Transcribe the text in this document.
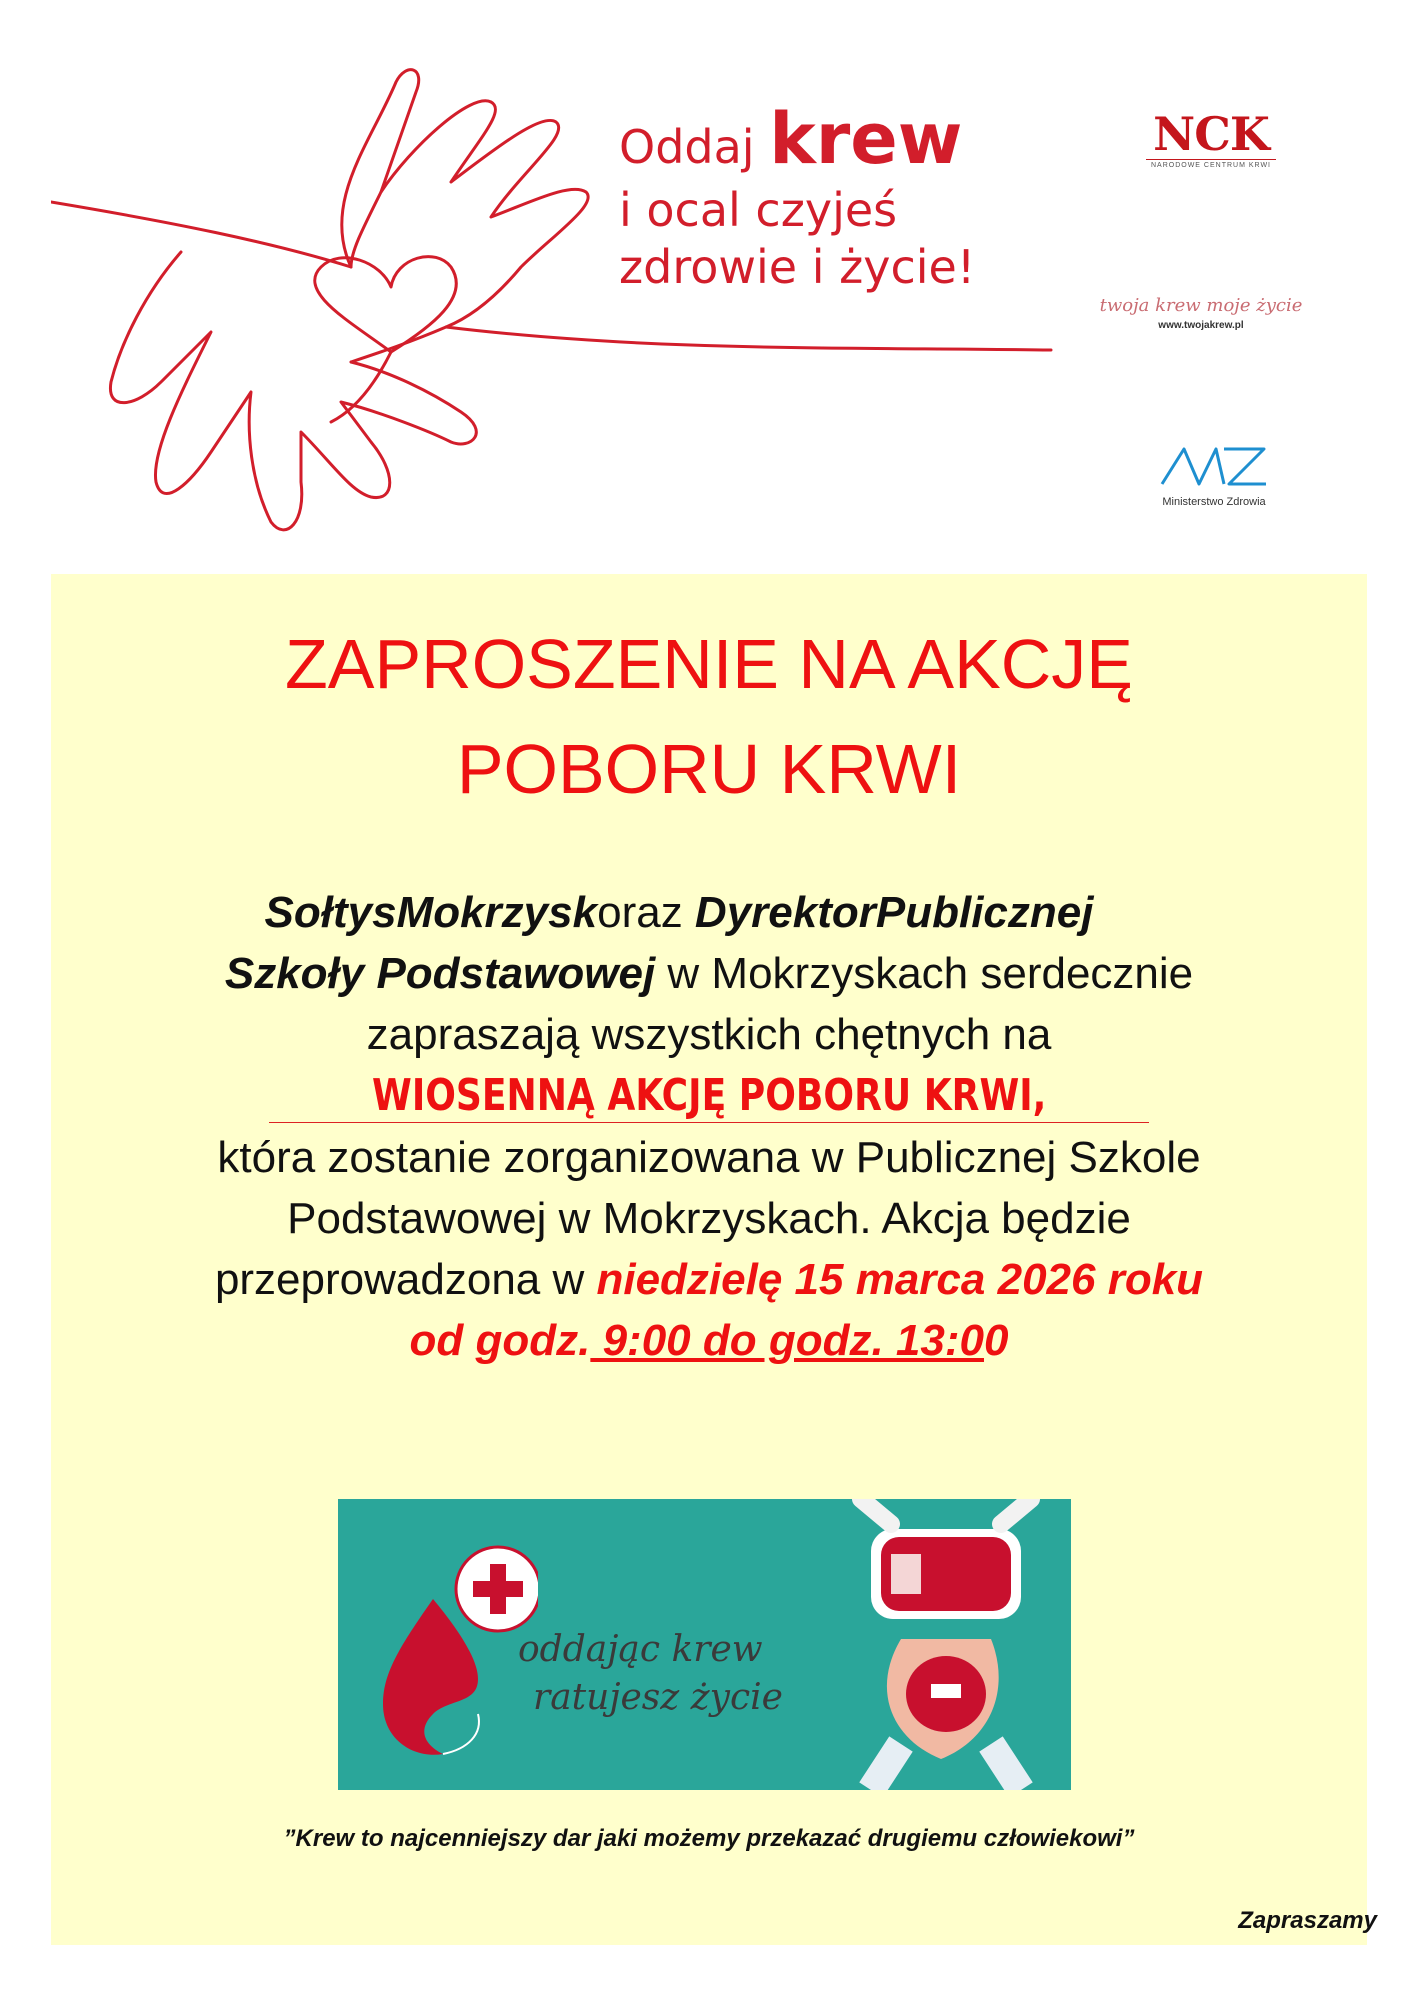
Oddaj krew
i ocal czyjeś
zdrowie i życie!
NCK
NARODOWE CENTRUM KRWI
twoja krew moje życie
www.twojakrew.pl
Ministerstwo Zdrowia
ZAPROSZENIE NA AKCJĘ
POBORU KRWI
SołtysMokrzyskoraz DyrektorPublicznej
Szkoły Podstawowej w Mokrzyskach serdecznie
zapraszają wszystkich chętnych na
WIOSENNĄ AKCJĘ POBORU KRWI,
która zostanie zorganizowana w Publicznej Szkole
Podstawowej w Mokrzyskach. Akcja będzie
przeprowadzona w niedzielę 15 marca 2026 roku
od godz. 9:00 do godz. 13:00
oddając krew
ratujesz życie
”Krew to najcenniejszy dar jaki możemy przekazać drugiemu człowiekowi”
Zapraszamy
